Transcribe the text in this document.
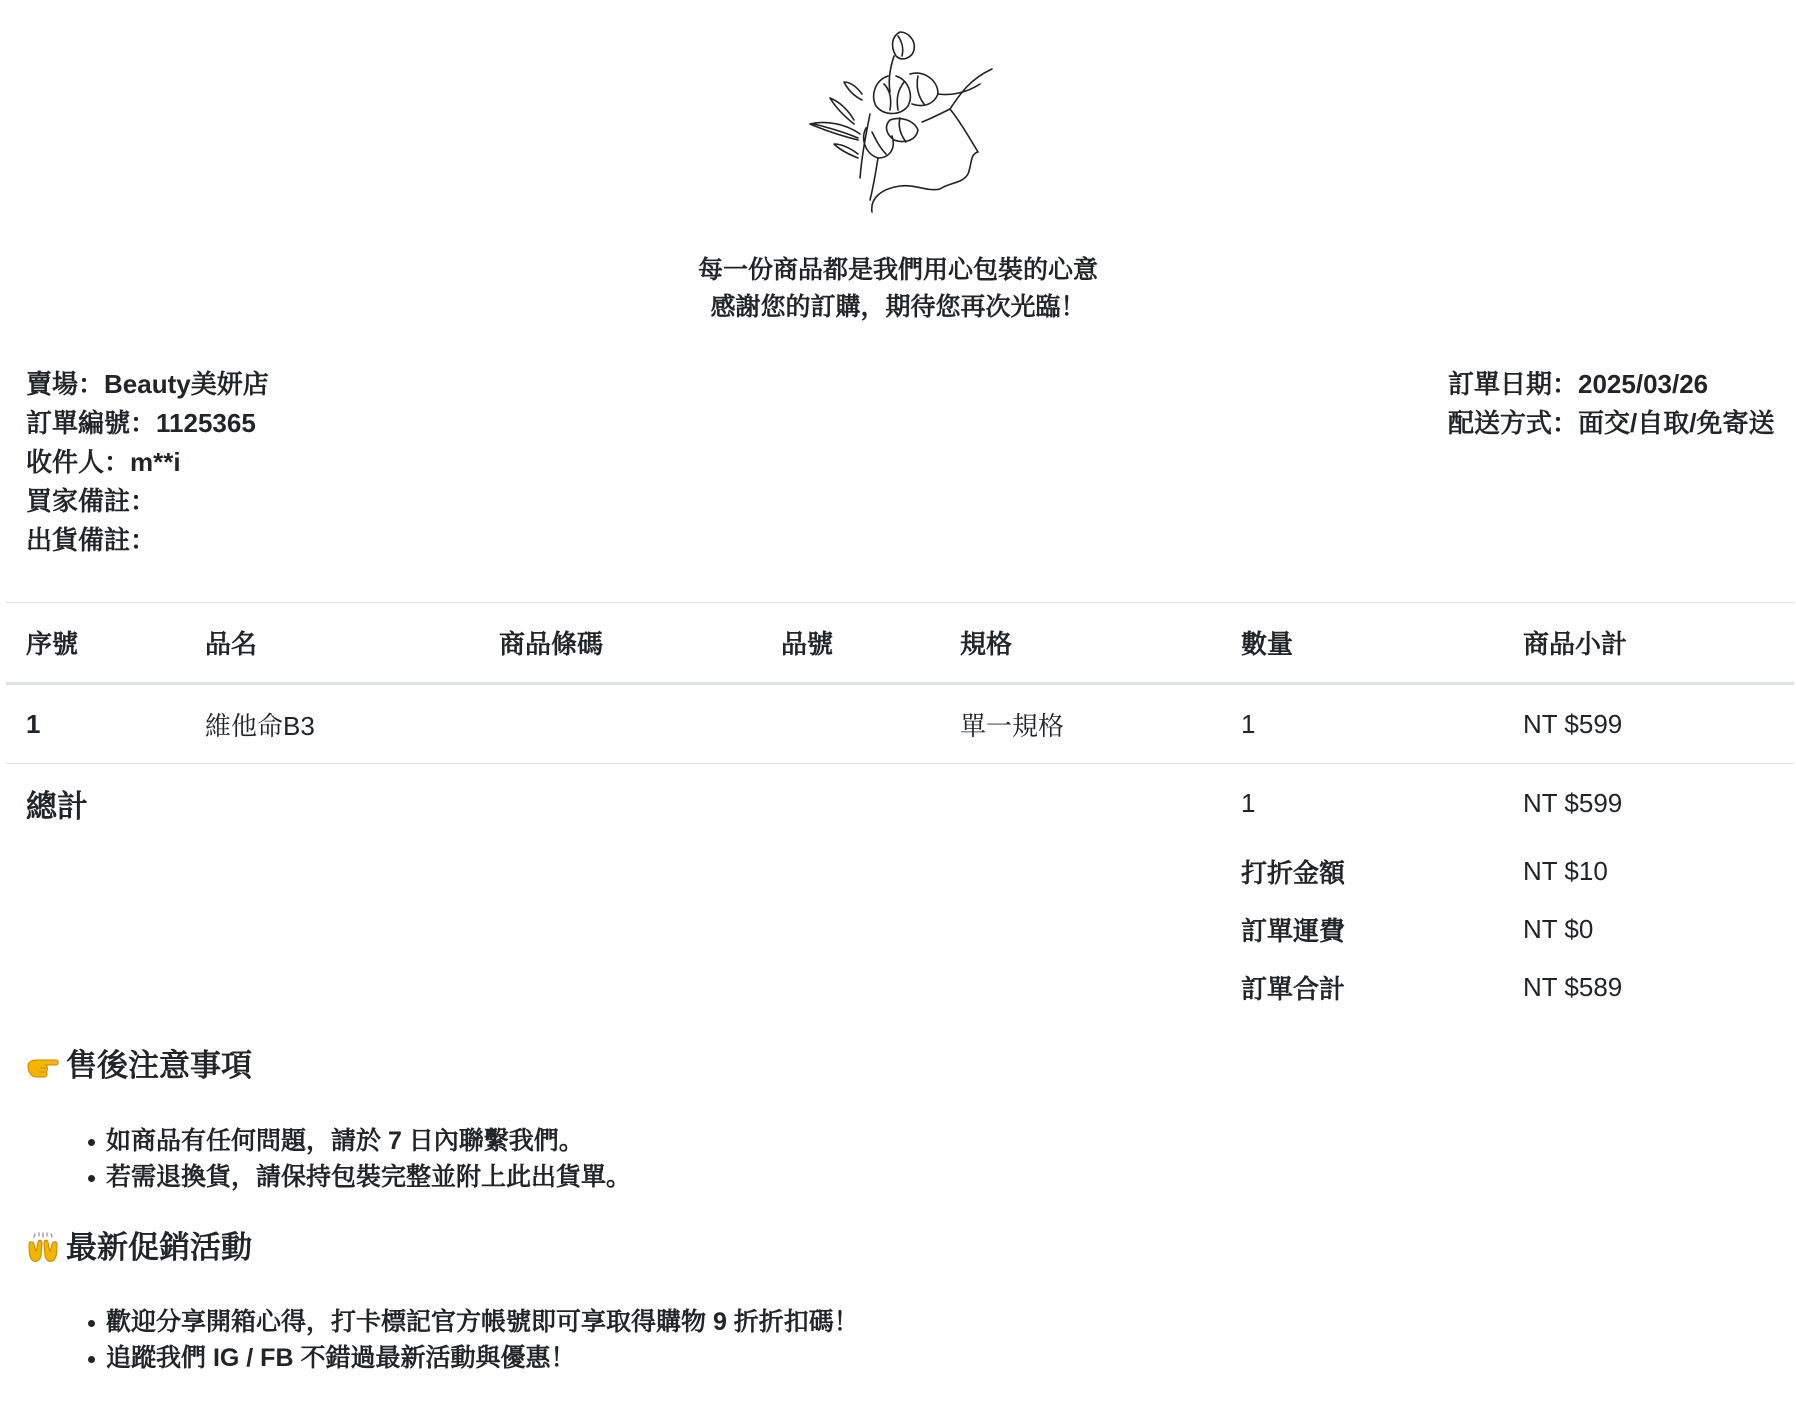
每一份商品都是我們用心包裝的心意
感謝您的訂購，期待您再次光臨！
賣場：Beauty美妍店
訂單編號：1125365
收件人：m**i
買家備註：
出貨備註：
訂單日期：2025/03/26
配送方式：面交/自取/免寄送
序號	品名	商品條碼	品號	規格	數量	商品小計
1	維他命B3			單一規格	1	NT $599
總計					1	NT $599
					打折金額	NT $10
					訂單運費	NT $0
					訂單合計	NT $589
售後注意事項
如商品有任何問題，請於 7 日內聯繫我們。
若需退換貨，請保持包裝完整並附上此出貨單。
最新促銷活動
歡迎分享開箱心得，打卡標記官方帳號即可享取得購物 9 折折扣碼！
追蹤我們 IG / FB 不錯過最新活動與優惠！
